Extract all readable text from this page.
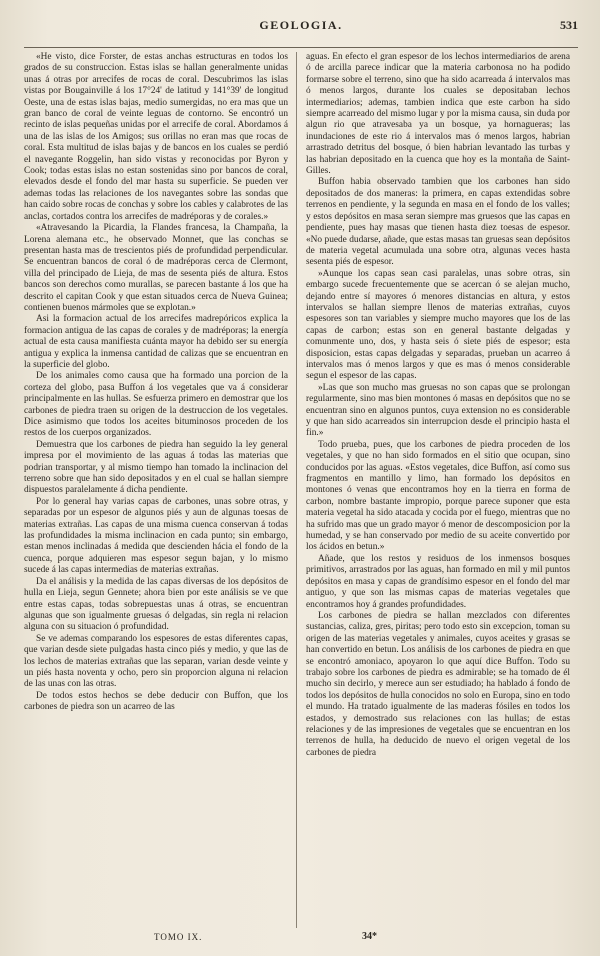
GEOLOGIA.	531

«He visto, dice Forster, de estas anchas estructuras en todos los grados de su construccion. Estas islas se hallan generalmente unidas unas á otras por arrecifes de rocas de coral. Descubrimos las islas vistas por Bougainville á los 17°24' de latitud y 141°39' de longitud Oeste, una de estas islas bajas, medio sumergidas, no era mas que un gran banco de coral de veinte leguas de contorno. Se encontró un recinto de islas pequeñas unidas por el arrecife de coral. Abordamos á una de las islas de los Amigos; sus orillas no eran mas que rocas de coral. Esta multitud de islas bajas y de bancos en los cuales se perdió el navegante Roggelin, han sido vistas y reconocidas por Byron y Cook; todas estas islas no estan sostenidas sino por bancos de coral, elevados desde el fondo del mar hasta su superficie. Se pueden ver ademas todas las relaciones de los navegantes sobre las sondas que han caido sobre rocas de conchas y sobre los cables y calabrotes de las anclas, cortados contra los arrecifes de madréporas y de corales.»

«Atravesando la Picardia, la Flandes francesa, la Champaña, la Lorena alemana etc., he observado Monnet, que las conchas se presentan hasta mas de trescientos piés de profundidad perpendicular. Se encuentran bancos de coral ó de madréporas cerca de Clermont, villa del principado de Lieja, de mas de sesenta piés de altura. Estos bancos son derechos como murallas, se parecen bastante á los que ha descrito el capitan Cook y que estan situados cerca de Nueva Guinea; contienen buenos mármoles que se explotan.»

Asi la formacion actual de los arrecifes madrepóricos explica la formacion antigua de las capas de corales y de madréporas; la energía actual de esta causa manifiesta cuánta mayor ha debido ser su energía antigua y explica la inmensa cantidad de calizas que se encuentran en la superficie del globo.

De los animales como causa que ha formado una porcion de la corteza del globo, pasa Buffon á los vegetales que va á considerar principalmente en las hullas. Se esfuerza primero en demostrar que los carbones de piedra traen su origen de la destruccion de los vegetales. Dice asimismo que todos los aceites bituminosos proceden de los restos de los cuerpos organizados.

Demuestra que los carbones de piedra han seguido la ley general impresa por el movimiento de las aguas á todas las materias que podrian transportar, y al mismo tiempo han tomado la inclinacion del terreno sobre que han sido depositados y en el cual se hallan siempre dispuestos paralelamente á dicha pendiente.

Por lo general hay varias capas de carbones, unas sobre otras, y separadas por un espesor de algunos piés y aun de algunas toesas de materias extrañas. Las capas de una misma cuenca conservan á todas las profundidades la misma inclinacion en cada punto; sin embargo, estan menos inclinadas á medida que descienden hácia el fondo de la cuenca, porque adquieren mas espesor segun bajan, y lo mismo sucede á las capas intermedias de materias extrañas.

Da el análisis y la medida de las capas diversas de los depósitos de hulla en Lieja, segun Gennete; ahora bien por este análisis se ve que entre estas capas, todas sobrepuestas unas á otras, se encuentran algunas que son igualmente gruesas ó delgadas, sin regla ni relacion alguna con su situacion ó profundidad.

Se ve ademas comparando los espesores de estas diferentes capas, que varian desde siete pulgadas hasta cinco piés y medio, y que las de los lechos de materias extrañas que las separan, varian desde veinte y un piés hasta noventa y ocho, pero sin proporcion alguna ni relacion de las unas con las otras.

De todos estos hechos se debe deducir con Buffon, que los carbones de piedra son un acarreo de las

aguas. En efecto el gran espesor de los lechos intermediarios de arena ó de arcilla parece indicar que la materia carbonosa no ha podido formarse sobre el terreno, sino que ha sido acarreada á intervalos mas ó menos largos, durante los cuales se depositaban lechos intermediarios; ademas, tambien indica que este carbon ha sido siempre acarreado del mismo lugar y por la misma causa, sin duda por algun rio que atravesaba ya un bosque, ya hornagueras; las inundaciones de este rio á intervalos mas ó menos largos, habrian arrastrado detritus del bosque, ó bien habrian levantado las turbas y las habrian depositado en la cuenca que hoy es la montaña de Saint-Gilles.

Buffon habia observado tambien que los carbones han sido depositados de dos maneras: la primera, en capas extendidas sobre terrenos en pendiente, y la segunda en masa en el fondo de los valles; y estos depósitos en masa seran siempre mas gruesos que las capas en pendiente, pues hay masas que tienen hasta diez toesas de espesor. «No puede dudarse, añade, que estas masas tan gruesas sean depósitos de materia vegetal acumulada una sobre otra, algunas veces hasta sesenta piés de espesor.

»Aunque los capas sean casi paralelas, unas sobre otras, sin embargo sucede frecuentemente que se acercan ó se alejan mucho, dejando entre sí mayores ó menores distancias en altura, y estos intervalos se hallan siempre llenos de materias extrañas, cuyos espesores son tan variables y siempre mucho mayores que los de las capas de carbon; estas son en general bastante delgadas y comunmente uno, dos, y hasta seis ó siete piés de espesor; esta disposicion, estas capas delgadas y separadas, prueban un acarreo á intervalos mas ó menos largos y que es mas ó menos considerable segun el espesor de las capas.

»Las que son mucho mas gruesas no son capas que se prolongan regularmente, sino mas bien montones ó masas en depósitos que no se encuentran sino en algunos puntos, cuya extension no es considerable y que han sido acarreados sin interrupcion desde el principio hasta el fin.»

Todo prueba, pues, que los carbones de piedra proceden de los vegetales, y que no han sido formados en el sitio que ocupan, sino conducidos por las aguas. «Estos vegetales, dice Buffon, así como sus fragmentos en mantillo y limo, han formado los depósitos en montones ó venas que encontramos hoy en la tierra en forma de carbon, nombre bastante impropio, porque parece suponer que esta materia vegetal ha sido atacada y cocida por el fuego, mientras que no ha sufrido mas que un grado mayor ó menor de descomposicion por la humedad, y se han conservado por medio de su aceite convertido por los ácidos en betun.»

Añade, que los restos y residuos de los inmensos bosques primitivos, arrastrados por las aguas, han formado en mil y mil puntos depósitos en masa y capas de grandísimo espesor en el fondo del mar antiguo, y que son las mismas capas de materias vegetales que encontramos hoy á grandes profundidades.

Los carbones de piedra se hallan mezclados con diferentes sustancias, caliza, gres, piritas; pero todo esto sin excepcion, toman su origen de las materias vegetales y animales, cuyos aceites y grasas se han convertido en betun. Los análisis de los carbones de piedra en que se encontró amoniaco, apoyaron lo que aquí dice Buffon. Todo su trabajo sobre los carbones de piedra es admirable; se ha tomado de él mucho sin decirlo, y merece aun ser estudiado; ha hablado á fondo de todos los depósitos de hulla conocidos no solo en Europa, sino en todo el mundo. Ha tratado igualmente de las maderas fósiles en todos los estados, y demostrado sus relaciones con las hullas; de estas relaciones y de las impresiones de vegetales que se encuentran en los terrenos de hulla, ha deducido de nuevo el origen vegetal de los carbones de piedra

TOMO IX.	34*
